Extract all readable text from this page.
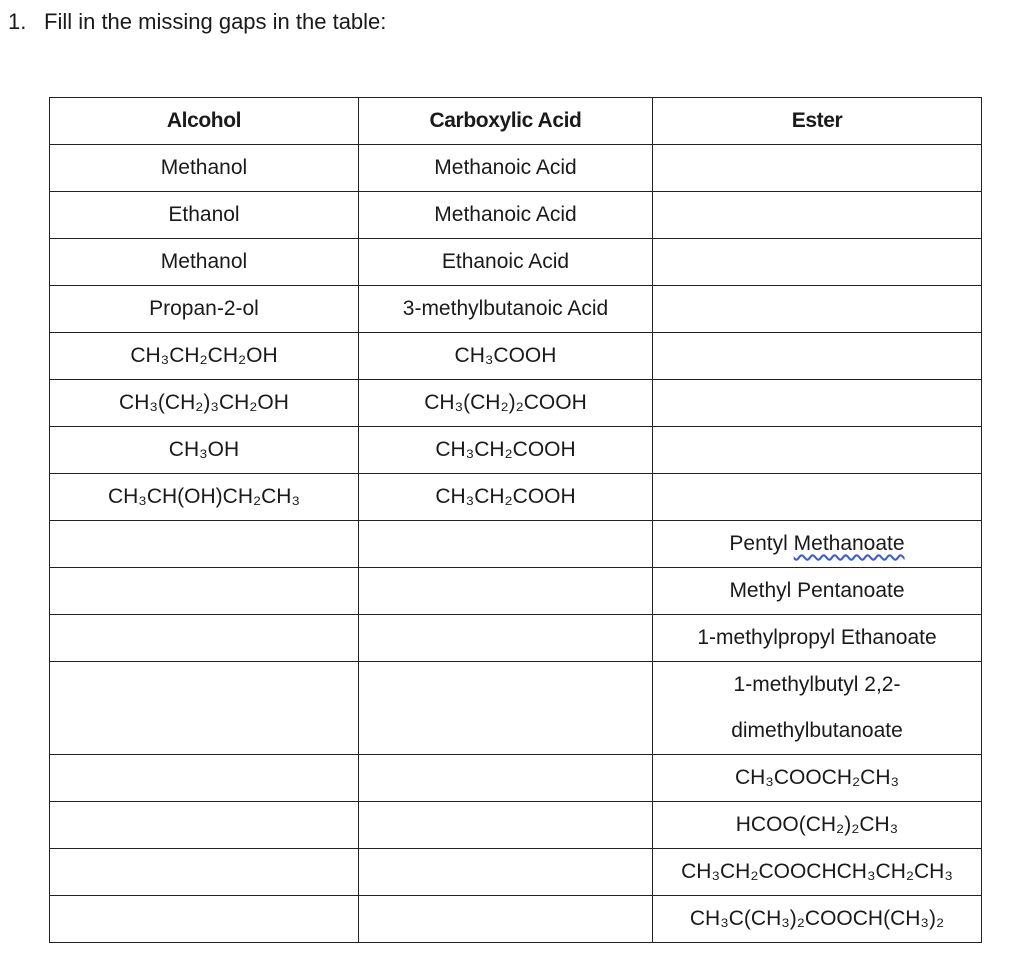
1. Fill in the missing gaps in the table:
Alcohol	Carboxylic Acid	Ester
Methanol	Methanoic Acid	
Ethanol	Methanoic Acid	
Methanol	Ethanoic Acid	
Propan-2-ol	3-methylbutanoic Acid	
CH₃CH₂CH₂OH	CH₃COOH	
CH₃(CH₂)₃CH₂OH	CH₃(CH₂)₂COOH	
CH₃OH	CH₃CH₂COOH	
CH₃CH(OH)CH₂CH₃	CH₃CH₂COOH	
		Pentyl Methanoate
		Methyl Pentanoate
		1-methylpropyl Ethanoate

		1-methylbutyl 2,2-
dimethylbutanoate

		CH₃COOCH₂CH₃
		HCOO(CH₂)₂CH₃
		CH₃CH₂COOCHCH₃CH₂CH₃
		CH₃C(CH₃)₂COOCH(CH₃)₂
